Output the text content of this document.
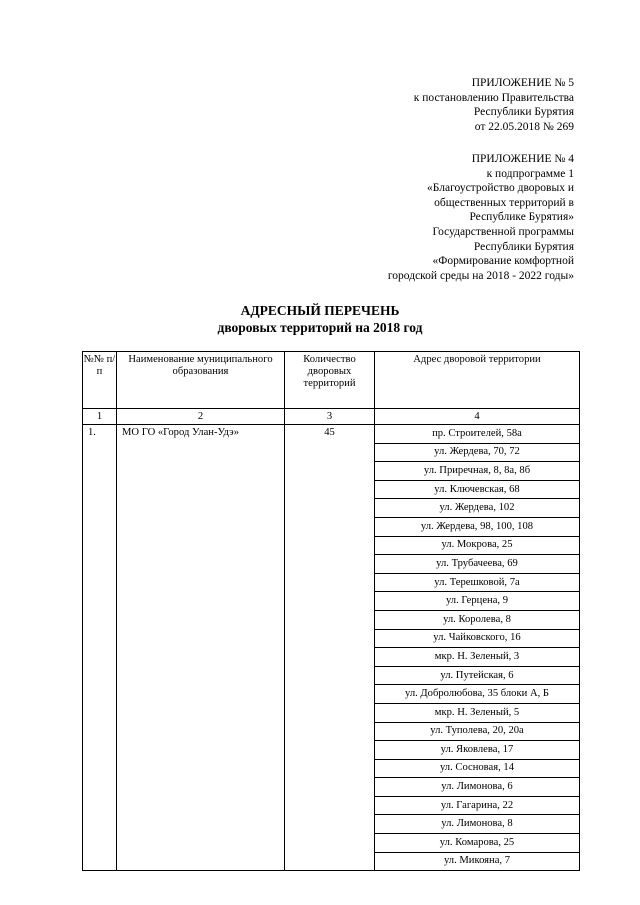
ПРИЛОЖЕНИЕ № 5
к постановлению Правительства
Республики Бурятия
от 22.05.2018 № 269
ПРИЛОЖЕНИЕ № 4
к подпрограмме 1
«Благоустройство дворовых и
общественных территорий в
Республике Бурятия»
Государственной программы
Республики Бурятия
«Формирование комфортной
городской среды на 2018 - 2022 годы»
АДРЕСНЫЙ ПЕРЕЧЕНЬ
дворовых территорий на 2018 год
№№ п/п	Наименование муниципального образования	Количество дворовых территорий	Адрес дворовой территории
1	2	3	4
1.	МО ГО «Город Улан-Удэ»	45	пр. Строителей, 58а
			ул. Жердева, 70, 72
			ул. Приречная, 8, 8а, 8б
			ул. Ключевская, 68
			ул. Жердева, 102
			ул. Жердева, 98, 100, 108
			ул. Мокрова, 25
			ул. Трубачеева, 69
			ул. Терешковой, 7а
			ул. Герцена, 9
			ул. Королева, 8
			ул. Чайковского, 16
			мкр. Н. Зеленый, 3
			ул. Путейская, 6
			ул. Добролюбова, 35 блоки А, Б
			мкр. Н. Зеленый, 5
			ул. Туполева, 20, 20а
			ул. Яковлева, 17
			ул. Сосновая, 14
			ул. Лимонова, 6
			ул. Гагарина, 22
			ул. Лимонова, 8
			ул. Комарова, 25
			ул. Микояна, 7
